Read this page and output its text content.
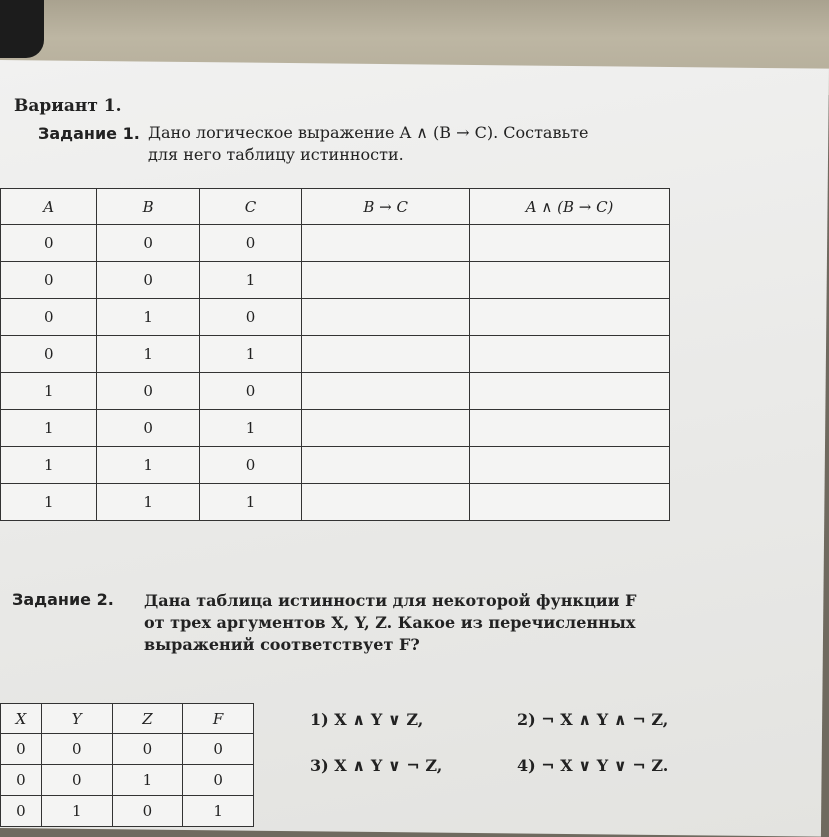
Вариант 1.
Задание 1. Дано логическое выражение A ∧ (B → C). Составьте
для него таблицу истинности.
A	B	C	B → C	A ∧ (B → C)
0	0	0		
0	0	1		
0	1	0		
0	1	1		
1	0	0		
1	0	1		
1	1	0		
1	1	1		
Задание 2. Дана таблица истинности для некоторой функции F
от трех аргументов X, Y, Z. Какое из перечисленных
выражений соответствует F?
X	Y	Z	F
0	0	0	0
0	0	1	0
0	1	0	1
1) X ∧ Y ∨ Z,	2) ¬ X ∧ Y ∧ ¬ Z,
3) X ∧ Y ∨ ¬ Z,	4) ¬ X ∨ Y ∨ ¬ Z.
